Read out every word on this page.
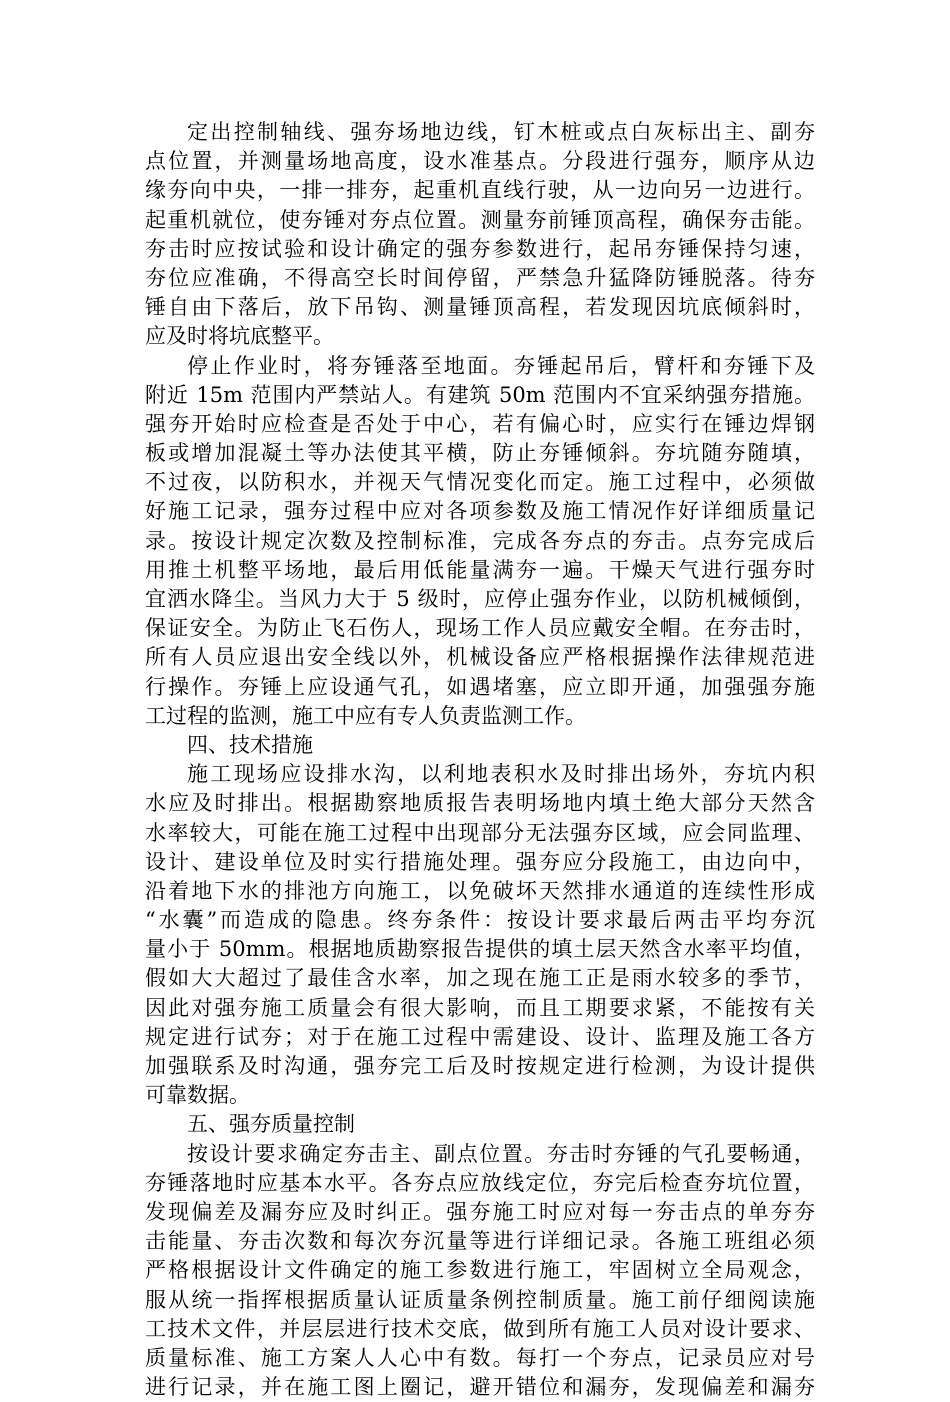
定出控制轴线、强夯场地边线，钉木桩或点白灰标出主、副夯
点位置，并测量场地高度，设水准基点。分段进行强夯，顺序从边
缘夯向中央，一排一排夯，起重机直线行驶，从一边向另一边进行。
起重机就位，使夯锤对夯点位置。测量夯前锤顶高程，确保夯击能。
夯击时应按试验和设计确定的强夯参数进行，起吊夯锤保持匀速，
夯位应准确，不得高空长时间停留，严禁急升猛降防锤脱落。待夯
锤自由下落后，放下吊钩、测量锤顶高程，若发现因坑底倾斜时，
应及时将坑底整平。
停止作业时，将夯锤落至地面。夯锤起吊后，臂杆和夯锤下及
附近 15m 范围内严禁站人。有建筑 50m 范围内不宜采纳强夯措施。
强夯开始时应检查是否处于中心，若有偏心时，应实行在锤边焊钢
板或增加混凝土等办法使其平横，防止夯锤倾斜。夯坑随夯随填，
不过夜，以防积水，并视天气情况变化而定。施工过程中，必须做
好施工记录，强夯过程中应对各项参数及施工情况作好详细质量记
录。按设计规定次数及控制标准，完成各夯点的夯击。点夯完成后
用推土机整平场地，最后用低能量满夯一遍。干燥天气进行强夯时
宜洒水降尘。当风力大于 5 级时，应停止强夯作业，以防机械倾倒，
保证安全。为防止飞石伤人，现场工作人员应戴安全帽。在夯击时，
所有人员应退出安全线以外，机械设备应严格根据操作法律规范进
行操作。夯锤上应设通气孔，如遇堵塞，应立即开通，加强强夯施
工过程的监测，施工中应有专人负责监测工作。
四、技术措施
施工现场应设排水沟，以利地表积水及时排出场外，夯坑内积
水应及时排出。根据勘察地质报告表明场地内填土绝大部分天然含
水率较大，可能在施工过程中出现部分无法强夯区域，应会同监理、
设计、建设单位及时实行措施处理。强夯应分段施工，由边向中，
沿着地下水的排池方向施工，以免破坏天然排水通道的连续性形成
“水囊”而造成的隐患。终夯条件：按设计要求最后两击平均夯沉
量小于 50mm。根据地质勘察报告提供的填土层天然含水率平均值，
假如大大超过了最佳含水率，加之现在施工正是雨水较多的季节，
因此对强夯施工质量会有很大影响，而且工期要求紧，不能按有关
规定进行试夯；对于在施工过程中需建设、设计、监理及施工各方
加强联系及时沟通，强夯完工后及时按规定进行检测，为设计提供
可靠数据。
五、强夯质量控制
按设计要求确定夯击主、副点位置。夯击时夯锤的气孔要畅通，
夯锤落地时应基本水平。各夯点应放线定位，夯完后检查夯坑位置，
发现偏差及漏夯应及时纠正。强夯施工时应对每一夯击点的单夯夯
击能量、夯击次数和每次夯沉量等进行详细记录。各施工班组必须
严格根据设计文件确定的施工参数进行施工，牢固树立全局观念，
服从统一指挥根据质量认证质量条例控制质量。施工前仔细阅读施
工技术文件，并层层进行技术交底，做到所有施工人员对设计要求、
质量标准、施工方案人人心中有数。每打一个夯点，记录员应对号
进行记录，并在施工图上圈记，避开错位和漏夯，发现偏差和漏夯
